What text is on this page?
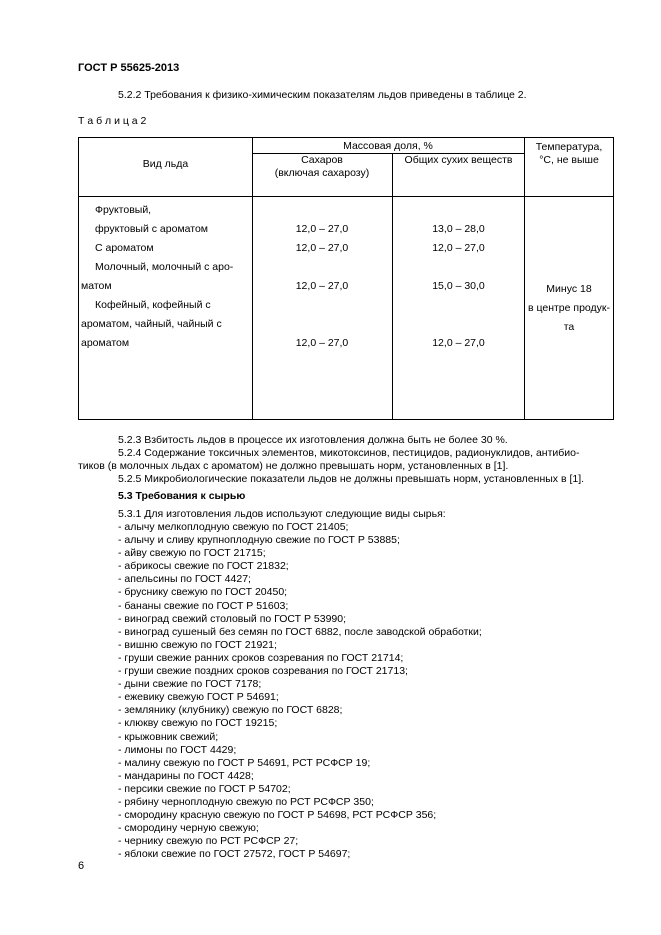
ГОСТ Р 55625-2013
5.2.2 Требования к физико-химическим показателям льдов приведены в таблице 2.
Т а б л и ц а 2
Вид льда
Массовая доля, %
Сахаров
(включая сахарозу)
Общих сухих веществ
Температура,
°С, не выше
Фруктовый,
фруктовый с ароматом
С ароматом
Молочный, молочный с аро-
матом
Кофейный, кофейный с
ароматом, чайный, чайный с
ароматом
12,0 – 27,0
12,0 – 27,0
12,0 – 27,0
12,0 – 27,0
13,0 – 28,0
12,0 – 27,0
15,0 – 30,0
12,0 – 27,0
Минус 18
в центре продук-
та
5.2.3 Взбитость льдов в процессе их изготовления должна быть не более 30 %.
5.2.4 Содержание токсичных элементов, микотоксинов, пестицидов, радионуклидов, антибио-
тиков (в молочных льдах с ароматом) не должно превышать норм, установленных в [1].
5.2.5 Микробиологические показатели льдов не должны превышать норм, установленных в [1].
5.3 Требования к сырью
5.3.1 Для изготовления льдов используют следующие виды сырья:
- алычу мелкоплодную свежую по ГОСТ 21405;
- алычу и сливу крупноплодную свежие по ГОСТ Р 53885;
- айву свежую по ГОСТ 21715;
- абрикосы свежие по ГОСТ 21832;
- апельсины по ГОСТ 4427;
- бруснику свежую по ГОСТ 20450;
- бананы свежие по ГОСТ Р 51603;
- виноград свежий столовый по ГОСТ Р 53990;
- виноград сушеный без семян по ГОСТ 6882, после заводской обработки;
- вишню свежую по ГОСТ 21921;
- груши свежие ранних сроков созревания по ГОСТ 21714;
- груши свежие поздних сроков созревания по ГОСТ 21713;
- дыни свежие по ГОСТ 7178;
- ежевику свежую ГОСТ Р 54691;
- землянику (клубнику) свежую по ГОСТ 6828;
- клюкву свежую по ГОСТ 19215;
- крыжовник свежий;
- лимоны по ГОСТ 4429;
- малину свежую по ГОСТ Р 54691, РСТ РСФСР 19;
- мандарины по ГОСТ 4428;
- персики свежие по ГОСТ Р 54702;
- рябину черноплодную свежую по РСТ РСФСР 350;
- смородину красную свежую по ГОСТ Р 54698, РСТ РСФСР 356;
- смородину черную свежую;
- чернику свежую по РСТ РСФСР 27;
- яблоки свежие по ГОСТ 27572, ГОСТ Р 54697;
6
